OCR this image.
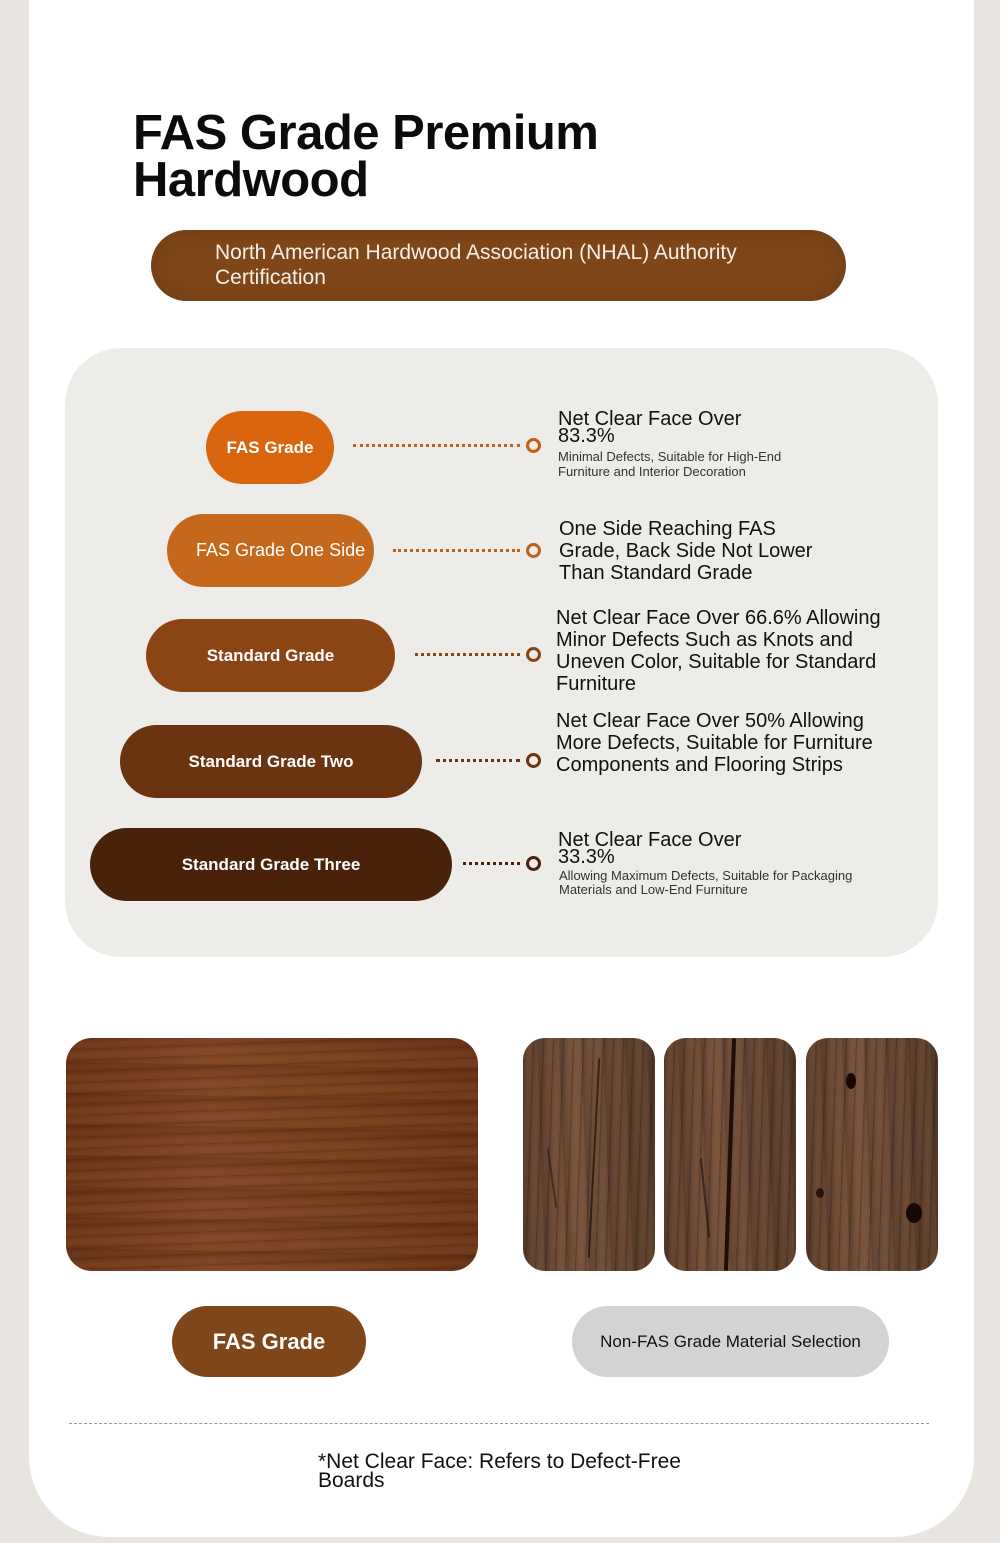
FAS Grade Premium Hardwood
North American Hardwood Association (NHAL) Authority Certification
FAS Grade
Net Clear Face Over 83.3%
Minimal Defects, Suitable for High-End Furniture and Interior Decoration
FAS Grade One Side
One Side Reaching FAS Grade, Back Side Not Lower Than Standard Grade
Standard Grade
Net Clear Face Over 66.6% Allowing Minor Defects Such as Knots and Uneven Color, Suitable for Standard Furniture
Standard Grade Two
Net Clear Face Over 50% Allowing More Defects, Suitable for Furniture Components and Flooring Strips
Standard Grade Three
Net Clear Face Over 33.3%
Allowing Maximum Defects, Suitable for Packaging Materials and Low-End Furniture
FAS Grade	Non-FAS Grade Material Selection
*Net Clear Face: Refers to Defect-Free Boards
